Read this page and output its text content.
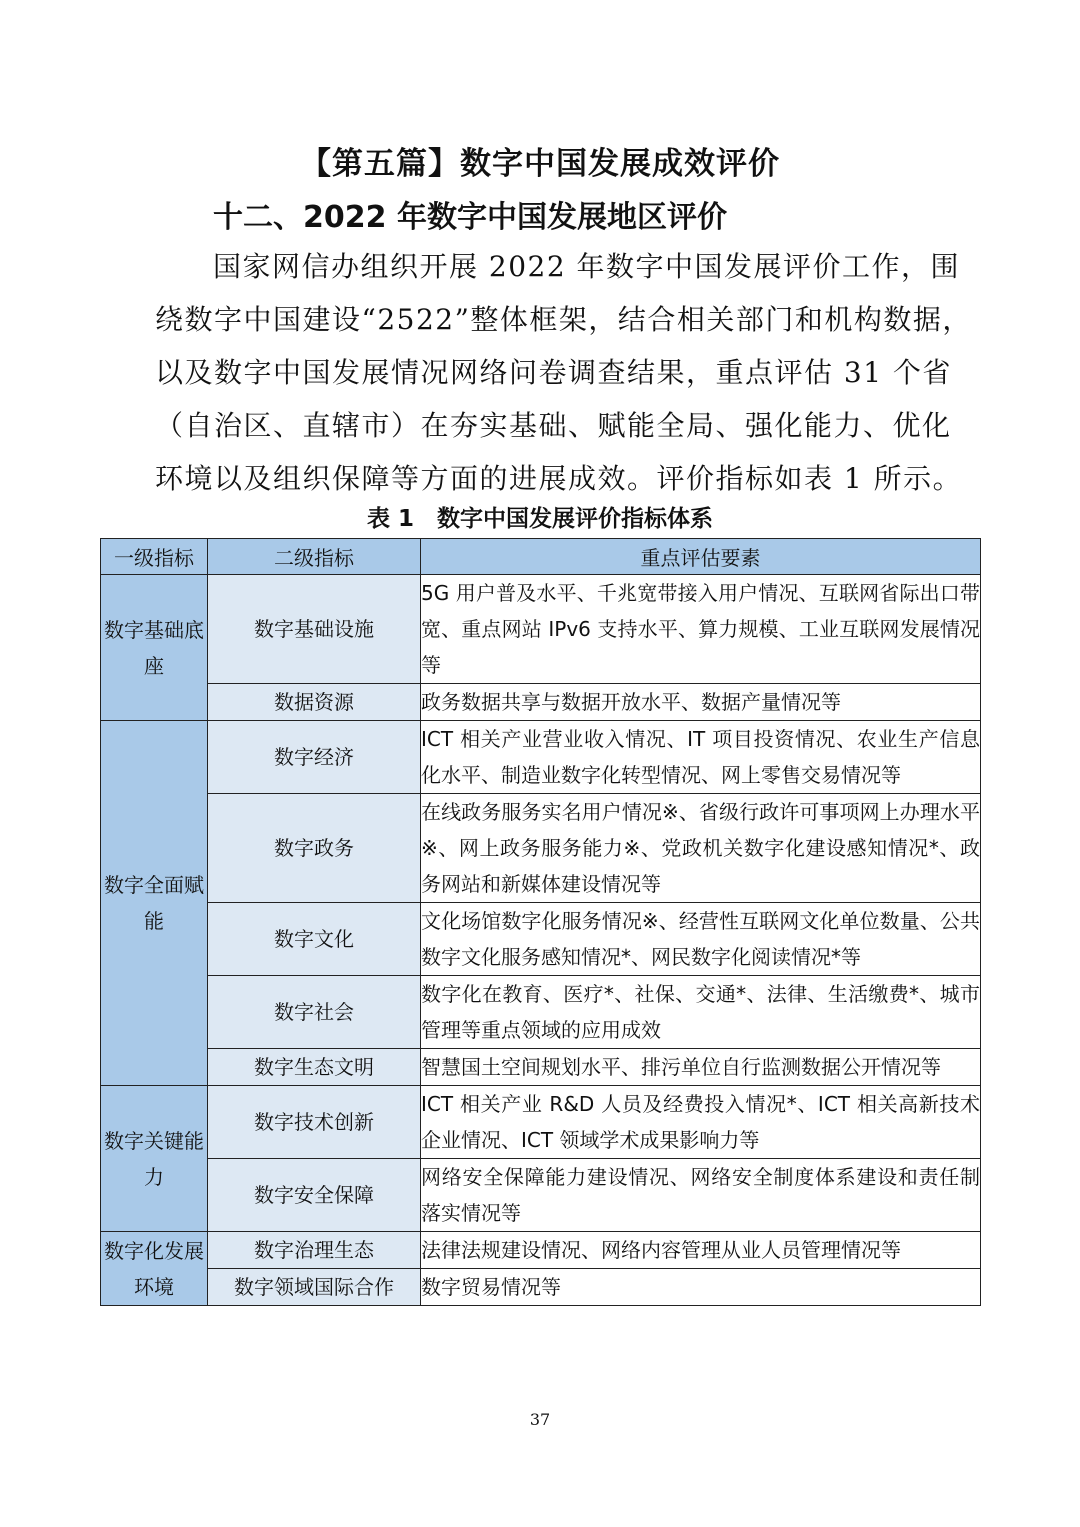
【第五篇】数字中国发展成效评价
十二、2022 年数字中国发展地区评价
国家网信办组织开展 2022 年数字中国发展评价工作，围
绕数字中国建设“2522”整体框架，结合相关部门和机构数据，
以及数字中国发展情况网络问卷调查结果，重点评估 31 个省
（自治区、直辖市）在夯实基础、赋能全局、强化能力、优化
环境以及组织保障等方面的进展成效。评价指标如表 1 所示。
表 1　数字中国发展评价指标体系
一级指标	二级指标	重点评估要素
数字基础底座	数字基础设施	5G 用户普及水平、千兆宽带接入用户情况、互联网省际出口带宽、重点网站 IPv6 支持水平、算力规模、工业互联网发展情况等
	数据资源	政务数据共享与数据开放水平、数据产量情况等
数字全面赋能	数字经济	ICT 相关产业营业收入情况、IT 项目投资情况、农业生产信息化水平、制造业数字化转型情况、网上零售交易情况等
	数字政务	在线政务服务实名用户情况※、省级行政许可事项网上办理水平※、网上政务服务能力※、党政机关数字化建设感知情况*、政务网站和新媒体建设情况等
	数字文化	文化场馆数字化服务情况※、经营性互联网文化单位数量、公共数字文化服务感知情况*、网民数字化阅读情况*等
	数字社会	数字化在教育、医疗*、社保、交通*、法律、生活缴费*、城市管理等重点领域的应用成效
	数字生态文明	智慧国土空间规划水平、排污单位自行监测数据公开情况等
数字关键能力	数字技术创新	ICT 相关产业 R&D 人员及经费投入情况*、ICT 相关高新技术企业情况、ICT 领域学术成果影响力等
	数字安全保障	网络安全保障能力建设情况、网络安全制度体系建设和责任制落实情况等
数字化发展环境	数字治理生态	法律法规建设情况、网络内容管理从业人员管理情况等
	数字领域国际合作	数字贸易情况等
37
